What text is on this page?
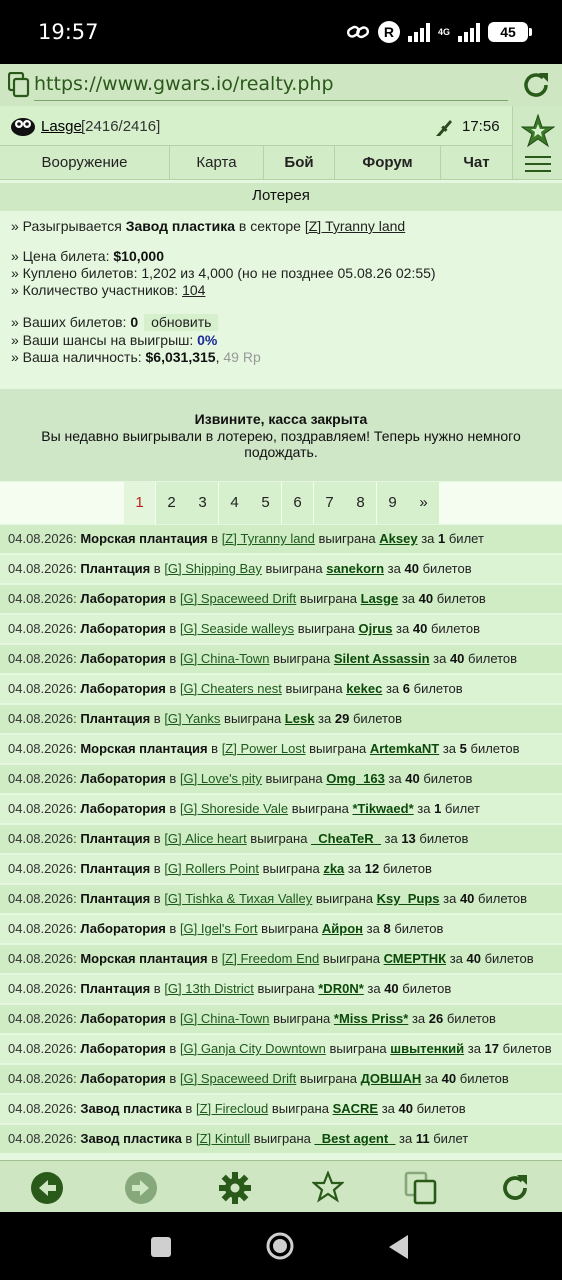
19:57	R	4G	45
https://www.gwars.io/realty.php
Lasge [2416/2416]	17:56
Вооружение	Карта	Бой	Форум	Чат
Лотерея
» Разыгрывается Завод пластика в секторе [Z] Tyranny land
» Цена билета: $10,000
» Куплено билетов: 1,202 из 4,000 (но не позднее 05.08.26 02:55)
» Количество участников: 104
» Ваших билетов: 0 обновить
» Ваши шансы на выигрыш: 0%
» Ваша наличность: $6,031,315, 49 Rp
Извините, касса закрыта
Вы недавно выигрывали в лотерею, поздравляем! Теперь нужно немного подождать.
1	2	3	4	5	6	7	8	9	»
04.08.2026: Морская плантация в [Z] Tyranny land выиграна Aksey за 1 билет
04.08.2026: Плантация в [G] Shipping Bay выиграна sanekorn за 40 билетов
04.08.2026: Лаборатория в [G] Spaceweed Drift выиграна Lasge за 40 билетов
04.08.2026: Лаборатория в [G] Seaside walleys выиграна Ojrus за 40 билетов
04.08.2026: Лаборатория в [G] China-Town выиграна Silent Assassin за 40 билетов
04.08.2026: Лаборатория в [G] Cheaters nest выиграна kekec за 6 билетов
04.08.2026: Плантация в [G] Yanks выиграна Lesk за 29 билетов
04.08.2026: Морская плантация в [Z] Power Lost выиграна ArtemkaNT за 5 билетов
04.08.2026: Лаборатория в [G] Love's pity выиграна Omg_163 за 40 билетов
04.08.2026: Лаборатория в [G] Shoreside Vale выиграна *Tikwaed* за 1 билет
04.08.2026: Плантация в [G] Alice heart выиграна _CheaTeR_ за 13 билетов
04.08.2026: Плантация в [G] Rollers Point выиграна zka за 12 билетов
04.08.2026: Плантация в [G] Tishka & Тихая Valley выиграна Ksy_Pups за 40 билетов
04.08.2026: Лаборатория в [G] Igel's Fort выиграна Айрон за 8 билетов
04.08.2026: Морская плантация в [Z] Freedom End выиграна СМЕРТНК за 40 билетов
04.08.2026: Плантация в [G] 13th District выиграна *DR0N* за 40 билетов
04.08.2026: Лаборатория в [G] China-Town выиграна *Miss Priss* за 26 билетов
04.08.2026: Лаборатория в [G] Ganja City Downtown выиграна швытенкий за 17 билетов
04.08.2026: Лаборатория в [G] Spaceweed Drift выиграна ДОВШАН за 40 билетов
04.08.2026: Завод пластика в [Z] Firecloud выиграна SACRE за 40 билетов
04.08.2026: Завод пластика в [Z] Kintull выиграна _Best agent_ за 11 билет
